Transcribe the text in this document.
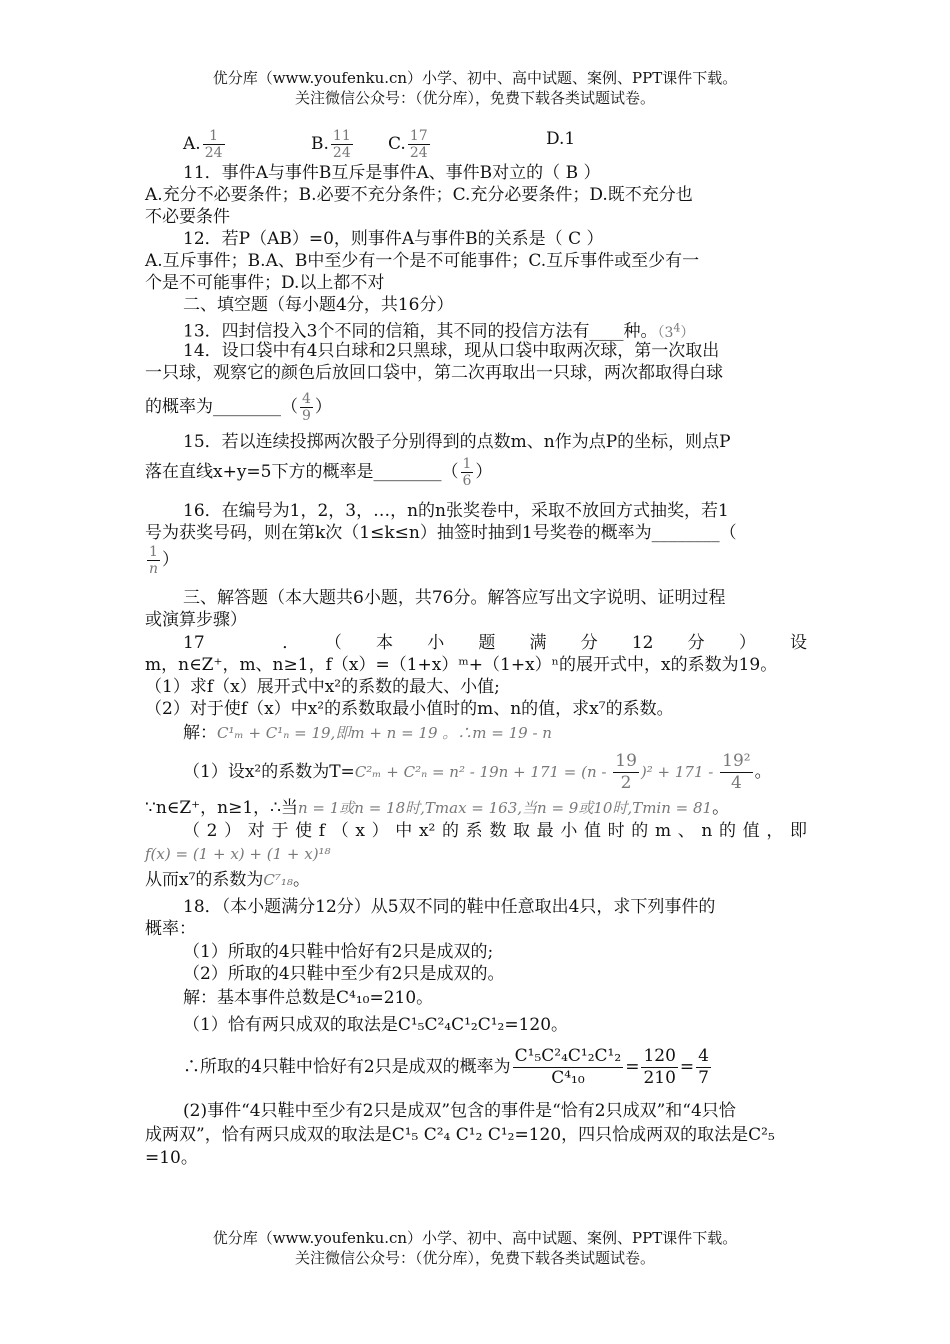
优分库（www.youfenku.cn）小学、初中、高中试题、案例、PPT课件下载。
关注微信公众号：（优分库），免费下载各类试题试卷。
A. $\frac{1}{24}$	B. $\frac{11}{24} C$. $\frac{17}{24}$	D.1
11．事件A与事件B互斥是事件A、事件B对立的（ B ）
A.充分不必要条件；B.必要不充分条件；C.充分必要条件；D.既不充分也
不必要条件
12．若P（AB）=0，则事件A与事件B的关系是（ C ）
A.互斥事件；B.A、B中至少有一个是不可能事件；C.互斥事件或至少有一
个是不可能事件；D.以上都不对
二、填空题（每小题4分，共16分）
13．四封信投入3个不同的信箱，其不同的投信方法有____种。$(3^4)$
14．设口袋中有4只白球和2只黑球，现从口袋中取两次球，第一次取出
一只球，观察它的颜色后放回口袋中，第二次再取出一只球，两次都取得白球
的概率为________（ $\frac{4}{9}$ ）
15．若以连续投掷两次骰子分别得到的点数m、n作为点P的坐标，则点P
落在直线x+y=5下方的概率是________（ $\frac{1}{6}$ ）
16．在编号为1，2，3，…，n的n张奖卷中，采取不放回方式抽奖，若1
号为获奖号码，则在第k次（1≤k≤n）抽签时抽到1号奖卷的概率为________（
$\frac{1}{n}$ ）
三、解答题（本大题共6小题，共76分。解答应写出文字说明、证明过程
或演算步骤）
17 ．（本小题满分12分）设
m，n∈Z⁺，m、n≥1，f（x）=（1+x）ᵐ+（1+x）ⁿ的展开式中，x的系数为19。
（1）求f（x）展开式中x²的系数的最大、小值;
（2）对于使f（x）中x²的系数取最小值时的m、n的值，求x⁷的系数。
解：C¹ₘ + C¹ₙ = 19,即m + n = 19 。∴m = 19 - n
（1）设x²的系数为$T=C^2_m + C^2_n = n^2 - 19n + 171 = (n - \frac{19}{2} )^2 + 171 - \frac{\text{19²}}{4}$ 。
∵n∈Z⁺，n≥1，∴当n = 1或n = 18时,Tmax = 163,当n = 9或10时,Tmin = 81。
（2）对于使f（x）中x²的系数取最小值时的m、n的值，即
f(x) = (1 + x) + (1 + x)¹⁸
从而x⁷的系数为C⁷₁₈。
18．（本小题满分12分）从5双不同的鞋中任意取出4只，求下列事件的
概率：
（1）所取的4只鞋中恰好有2只是成双的;
（2）所取的4只鞋中至少有2只是成双的。
解：基本事件总数是C⁴₁₀=210。
（1）恰有两只成双的取法是C¹₅C²₄C¹₂C¹₂=120。
∴所取的4只鞋中恰好有2只是成双的概率为 $\frac{\text{C¹₅C²₄C¹₂C¹₂}}{\text{C⁴₁₀}} = \frac{120}{210} = \frac{4}{7}$
(2)事件“4只鞋中至少有2只是成双”包含的事件是“恰有2只成双”和“4只恰
成两双”，恰有两只成双的取法是C¹₅ C²₄ C¹₂ C¹₂=120，四只恰成两双的取法是C²₅
=10。
优分库（www.youfenku.cn）小学、初中、高中试题、案例、PPT课件下载。
关注微信公众号：（优分库），免费下载各类试题试卷。
